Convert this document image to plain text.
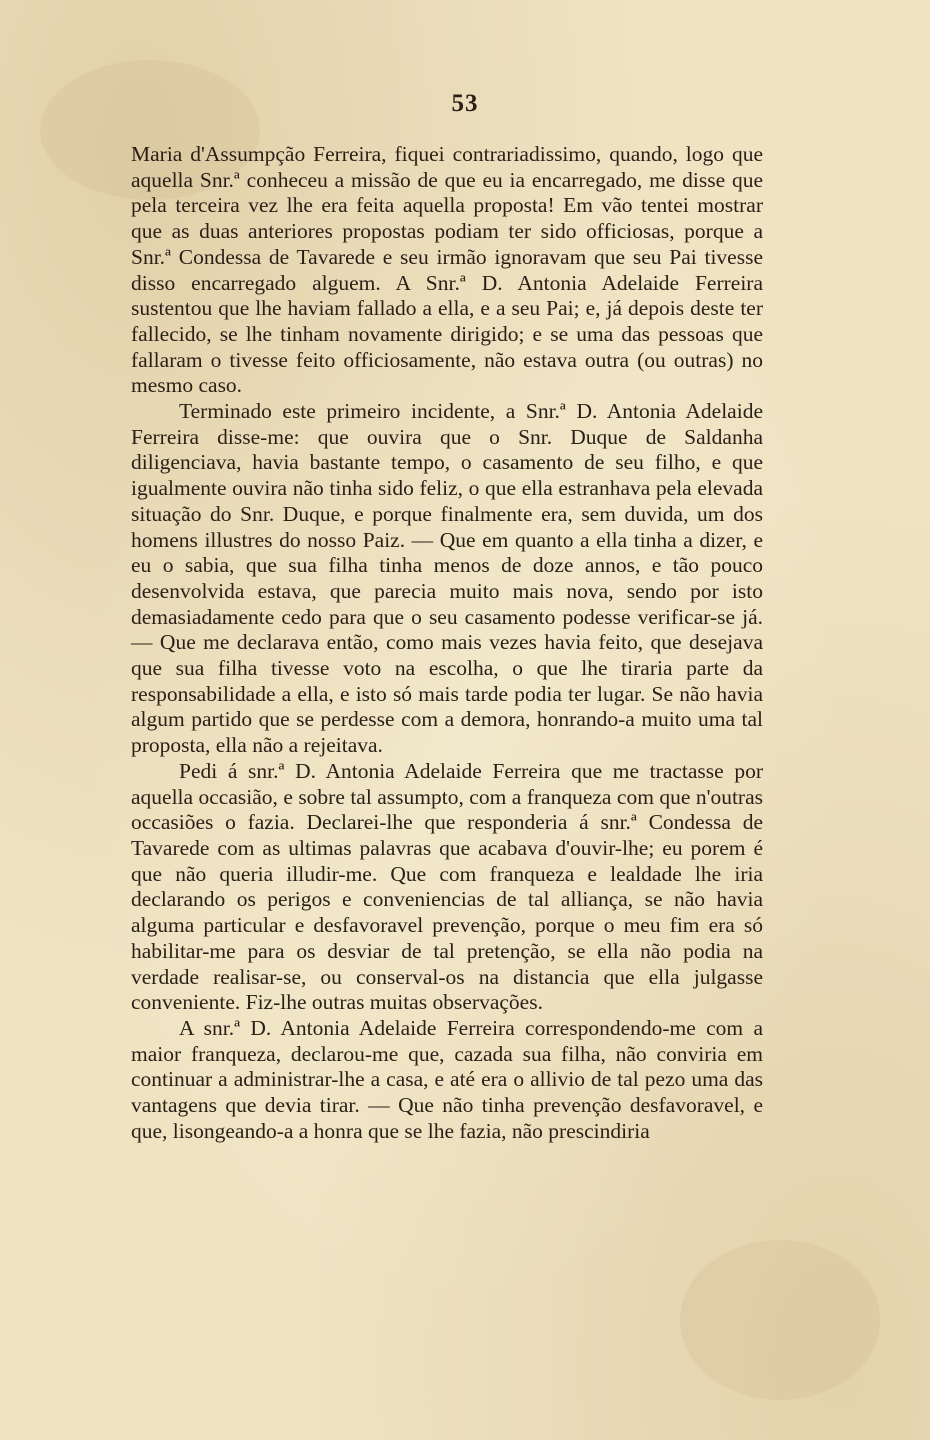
53

Maria d'Assumpção Ferreira, fiquei contrariadissimo, quando, logo que aquella Snr.ª conheceu a missão de que eu ia encarregado, me disse que pela terceira vez lhe era feita aquella proposta! Em vão tentei mostrar que as duas anteriores propostas podiam ter sido officiosas, porque a Snr.ª Condessa de Tavarede e seu irmão ignoravam que seu Pai tivesse disso encarregado alguem. A Snr.ª D. Antonia Adelaide Ferreira sustentou que lhe haviam fallado a ella, e a seu Pai; e, já depois deste ter fallecido, se lhe tinham novamente dirigido; e se uma das pessoas que fallaram o tivesse feito officiosamente, não estava outra (ou outras) no mesmo caso.

Terminado este primeiro incidente, a Snr.ª D. Antonia Adelaide Ferreira disse-me: que ouvira que o Snr. Duque de Saldanha diligenciava, havia bastante tempo, o casamento de seu filho, e que igualmente ouvira não tinha sido feliz, o que ella estranhava pela elevada situação do Snr. Duque, e porque finalmente era, sem duvida, um dos homens illustres do nosso Paiz. — Que em quanto a ella tinha a dizer, e eu o sabia, que sua filha tinha menos de doze annos, e tão pouco desenvolvida estava, que parecia muito mais nova, sendo por isto demasiadamente cedo para que o seu casamento podesse verificar-se já. — Que me declarava então, como mais vezes havia feito, que desejava que sua filha tivesse voto na escolha, o que lhe tiraria parte da responsabilidade a ella, e isto só mais tarde podia ter lugar. Se não havia algum partido que se perdesse com a demora, honrando-a muito uma tal proposta, ella não a rejeitava.

Pedi á snr.ª D. Antonia Adelaide Ferreira que me tractasse por aquella occasião, e sobre tal assumpto, com a franqueza com que n'outras occasiões o fazia. Declarei-lhe que responderia á snr.ª Condessa de Tavarede com as ultimas palavras que acabava d'ouvir-lhe; eu porem é que não queria illudir-me. Que com franqueza e lealdade lhe iria declarando os perigos e conveniencias de tal alliança, se não havia alguma particular e desfavoravel prevenção, porque o meu fim era só habilitar-me para os desviar de tal pretenção, se ella não podia na verdade realisar-se, ou conserval-os na distancia que ella julgasse conveniente. Fiz-lhe outras muitas observações.

A snr.ª D. Antonia Adelaide Ferreira correspondendo-me com a maior franqueza, declarou-me que, cazada sua filha, não conviria em continuar a administrar-lhe a casa, e até era o allivio de tal pezo uma das vantagens que devia tirar. — Que não tinha prevenção desfavoravel, e que, lisongeando-a a honra que se lhe fazia, não prescindiria
